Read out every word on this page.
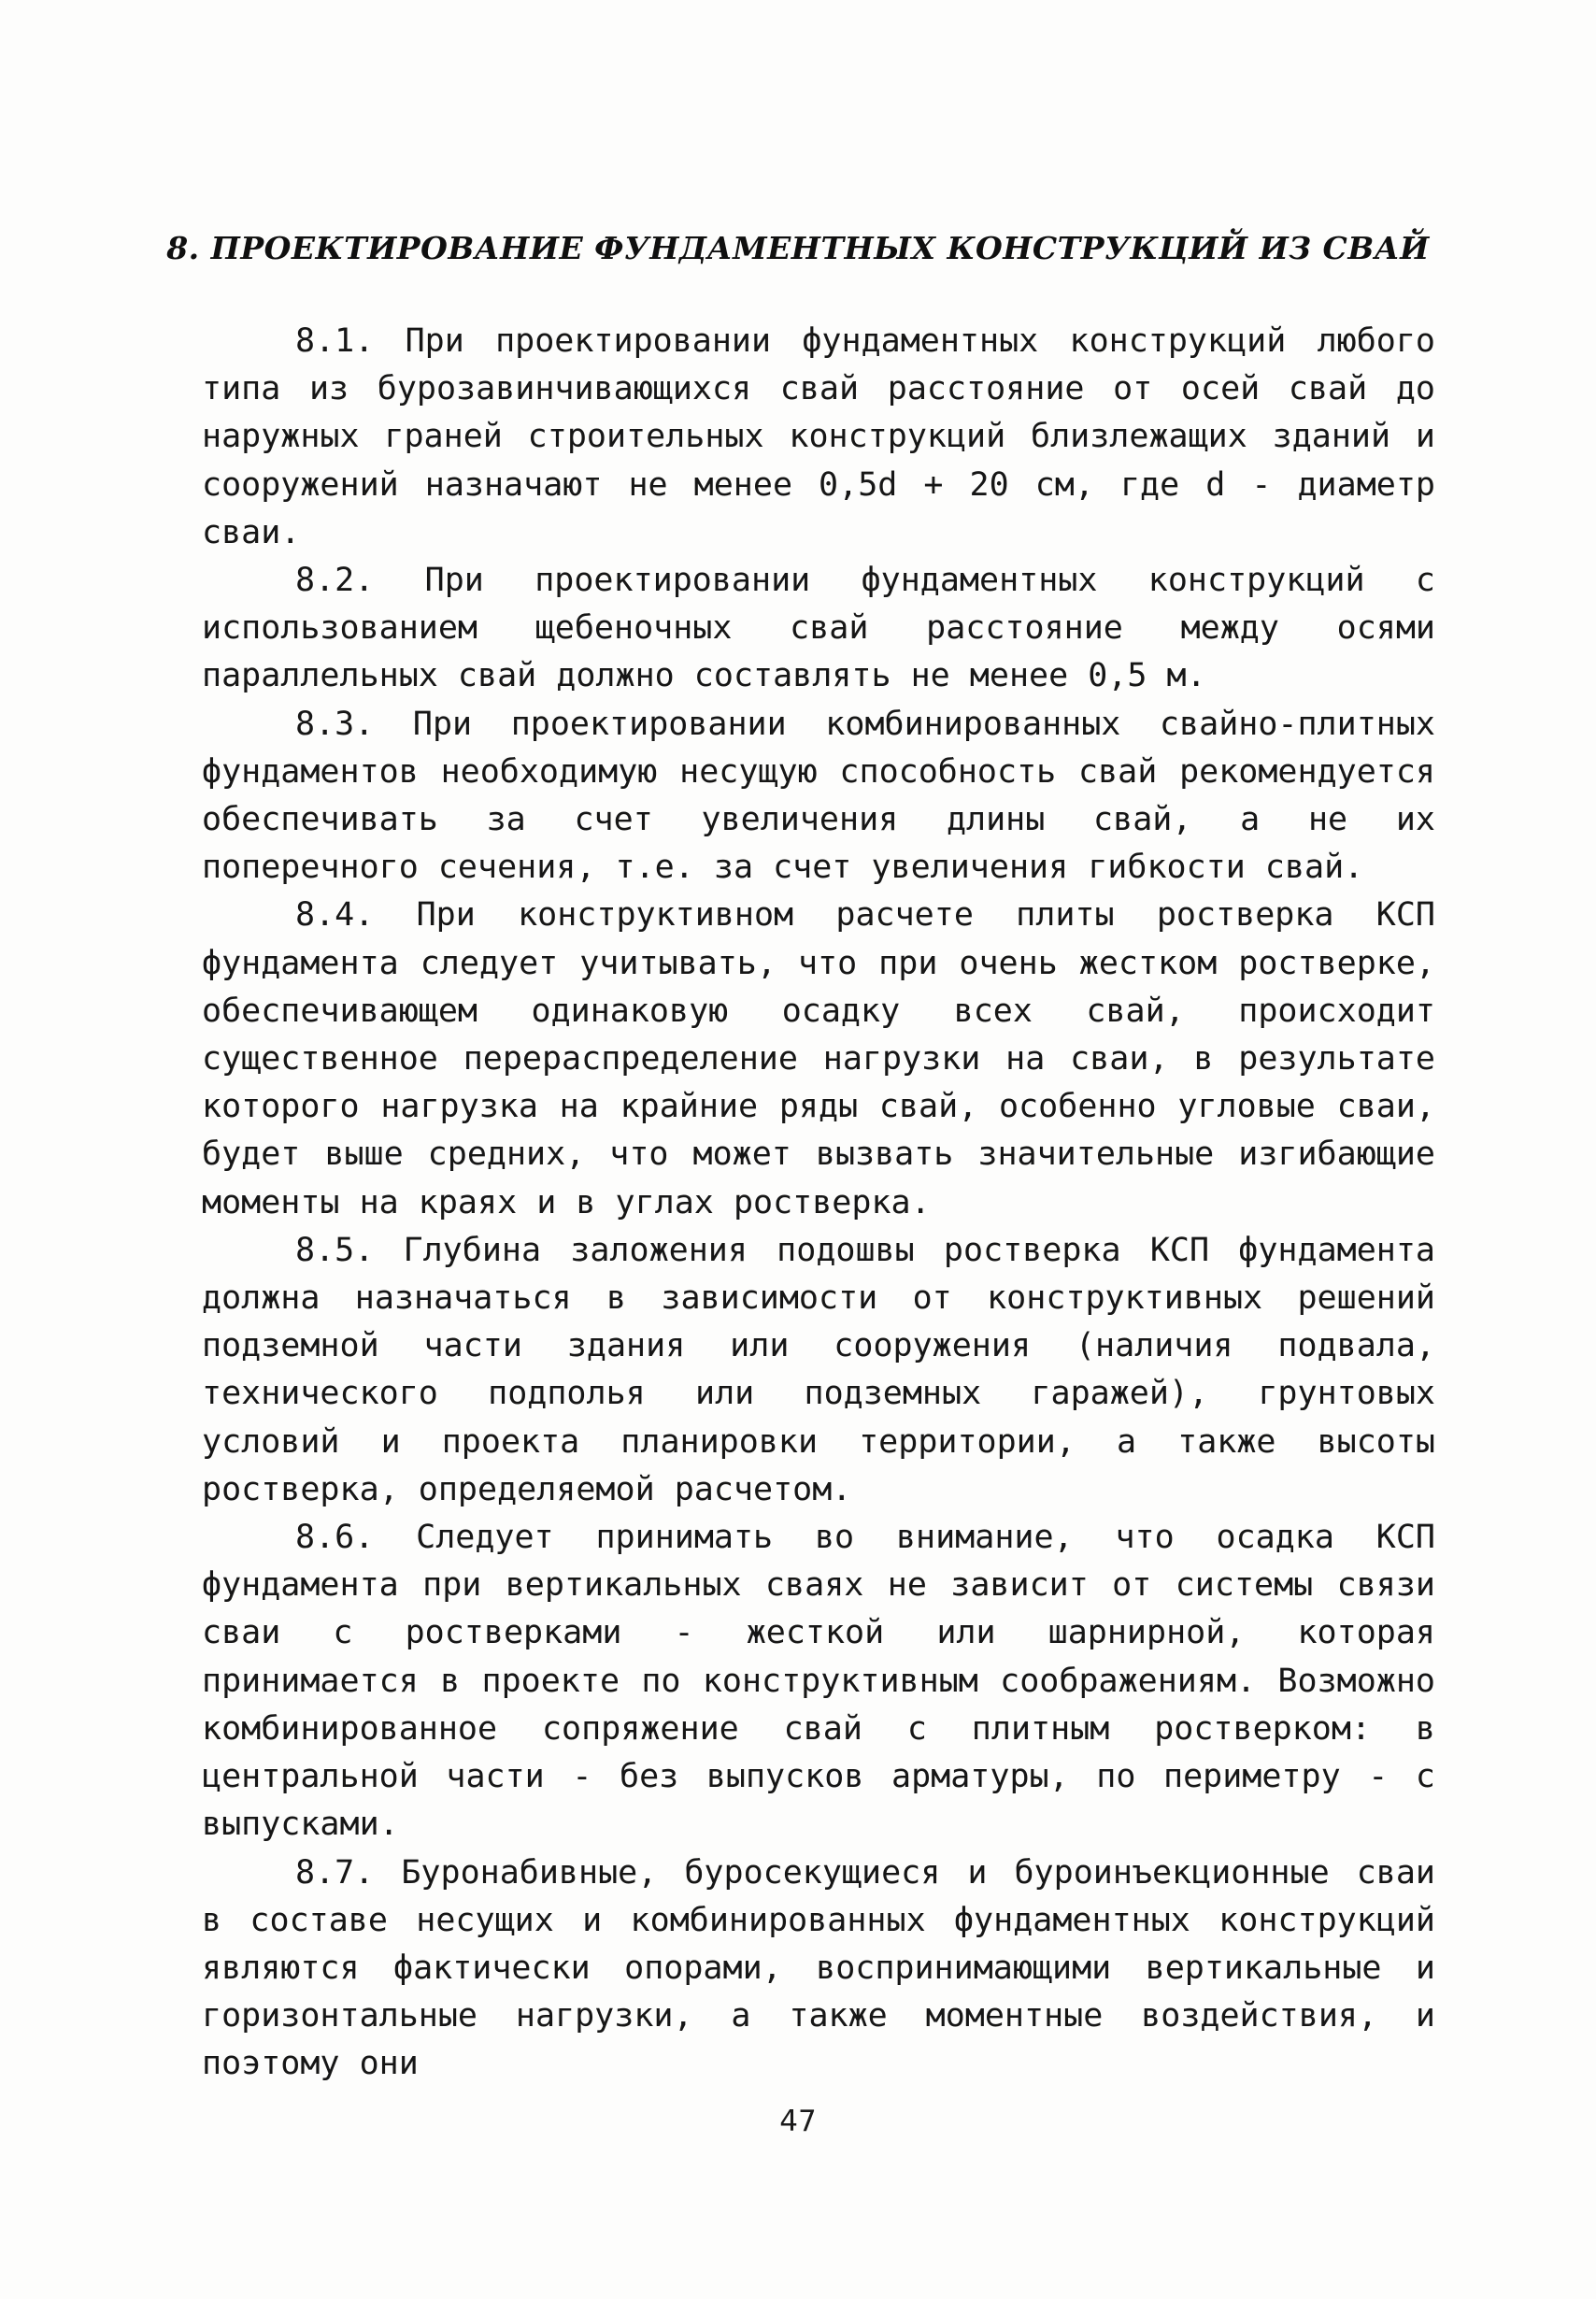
8. ПРОЕКТИРОВАНИЕ ФУНДАМЕНТНЫХ КОНСТРУКЦИЙ ИЗ СВАЙ

8.1. При проектировании фундаментных конструкций любого типа из бурозавинчивающихся свай расстояние от осей свай до наружных граней строительных конструкций близлежащих зданий и сооружений назначают не менее 0,5d + 20 см, где d - диаметр сваи.

8.2. При проектировании фундаментных конструкций с использованием щебеночных свай расстояние между осями параллельных свай должно составлять не менее 0,5 м.

8.3. При проектировании комбинированных свайно-плитных фундаментов необходимую несущую способность свай рекомендуется обеспечивать за счет увеличения длины свай, а не их поперечного сечения, т.е. за счет увеличения гибкости свай.

8.4. При конструктивном расчете плиты ростверка КСП фундамента следует учитывать, что при очень жестком ростверке, обеспечивающем одинаковую осадку всех свай, происходит существенное перераспределение нагрузки на сваи, в результате которого нагрузка на крайние ряды свай, особенно угловые сваи, будет выше средних, что может вызвать значительные изгибающие моменты на краях и в углах ростверка.

8.5. Глубина заложения подошвы ростверка КСП фундамента должна назначаться в зависимости от конструктивных решений подземной части здания или сооружения (наличия подвала, технического подполья или подземных гаражей), грунтовых условий и проекта планировки территории, а также высоты ростверка, определяемой расчетом.

8.6. Следует принимать во внимание, что осадка КСП фундамента при вертикальных сваях не зависит от системы связи сваи с ростверками - жесткой или шарнирной, которая принимается в проекте по конструктивным соображениям. Возможно комбинированное сопряжение свай с плитным ростверком: в центральной части - без выпусков арматуры, по периметру - с выпусками.

8.7. Буронабивные, буросекущиеся и буроинъекционные сваи в составе несущих и комбинированных фундаментных конструкций являются фактически опорами, воспринимающими вертикальные и горизонтальные нагрузки, а также моментные воздействия, и поэтому они

47
